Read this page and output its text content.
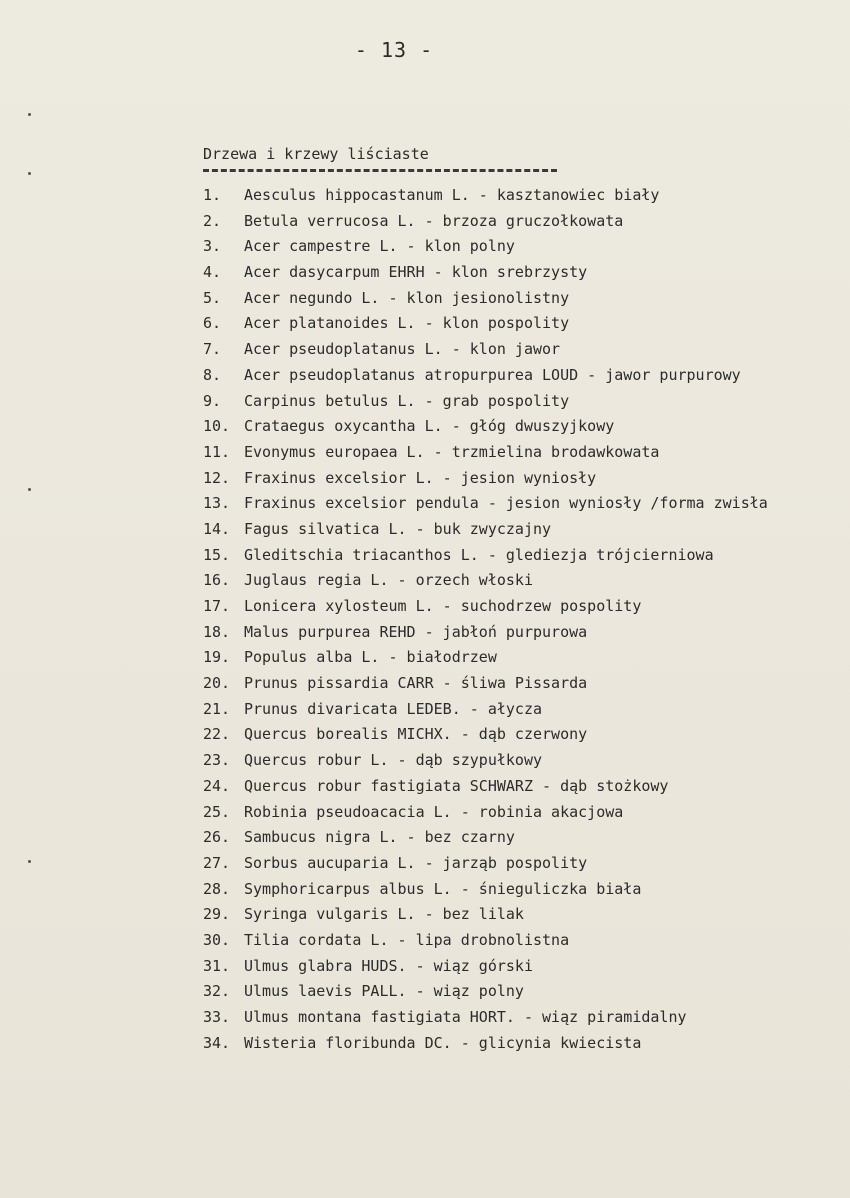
- 13 -
Drzewa i krzewy liściaste
1. Aesculus hippocastanum L. - kasztanowiec biały
2. Betula verrucosa L. - brzoza gruczołkowata
3. Acer campestre L. - klon polny
4. Acer dasycarpum EHRH - klon srebrzysty
5. Acer negundo L. - klon jesionolistny
6. Acer platanoides L. - klon pospolity
7. Acer pseudoplatanus L. - klon jawor
8. Acer pseudoplatanus atropurpurea LOUD - jawor purpurowy
9. Carpinus betulus L. - grab pospolity
10. Crataegus oxycantha L. - głóg dwuszyjkowy
11. Evonymus europaea L. - trzmielina brodawkowata
12. Fraxinus excelsior L. - jesion wyniosły
13. Fraxinus excelsior pendula - jesion wyniosły /forma zwisła
14. Fagus silvatica L. - buk zwyczajny
15. Gleditschia triacanthos L. - glediezja trójcierniowa
16. Juglaus regia L. - orzech włoski
17. Lonicera xylosteum L. - suchodrzew pospolity
18. Malus purpurea REHD - jabłoń purpurowa
19. Populus alba L. - białodrzew
20. Prunus pissardia CARR - śliwa Pissarda
21. Prunus divaricata LEDEB. - ałycza
22. Quercus borealis MICHX. - dąb czerwony
23. Quercus robur L. - dąb szypułkowy
24. Quercus robur fastigiata SCHWARZ - dąb stożkowy
25. Robinia pseudoacacia L. - robinia akacjowa
26. Sambucus nigra L. - bez czarny
27. Sorbus aucuparia L. - jarząb pospolity
28. Symphoricarpus albus L. - śnieguliczka biała
29. Syringa vulgaris L. - bez lilak
30. Tilia cordata L. - lipa drobnolistna
31. Ulmus glabra HUDS. - wiąz górski
32. Ulmus laevis PALL. - wiąz polny
33. Ulmus montana fastigiata HORT. - wiąz piramidalny
34. Wisteria floribunda DC. - glicynia kwiecista
